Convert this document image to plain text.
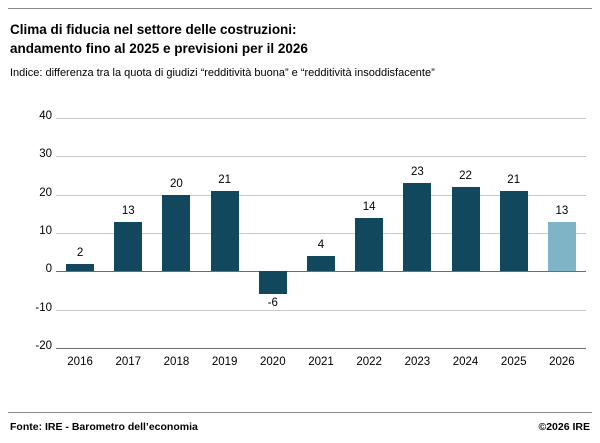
Clima di fiducia nel settore delle costruzioni:
andamento fino al 2025 e previsioni per il 2026
Indice: differenza tra la quota di giudizi “redditività buona” e “redditività insoddisfacente”
40
30
20
10
0
-10
-20
2
13
20	21
-6
4
14
23	22	21
13
2016 2017 2018 2019 2020 2021 2022 2023 2024 2025 2026
Fonte: IRE - Barometro dell’economia	©2026 IRE
